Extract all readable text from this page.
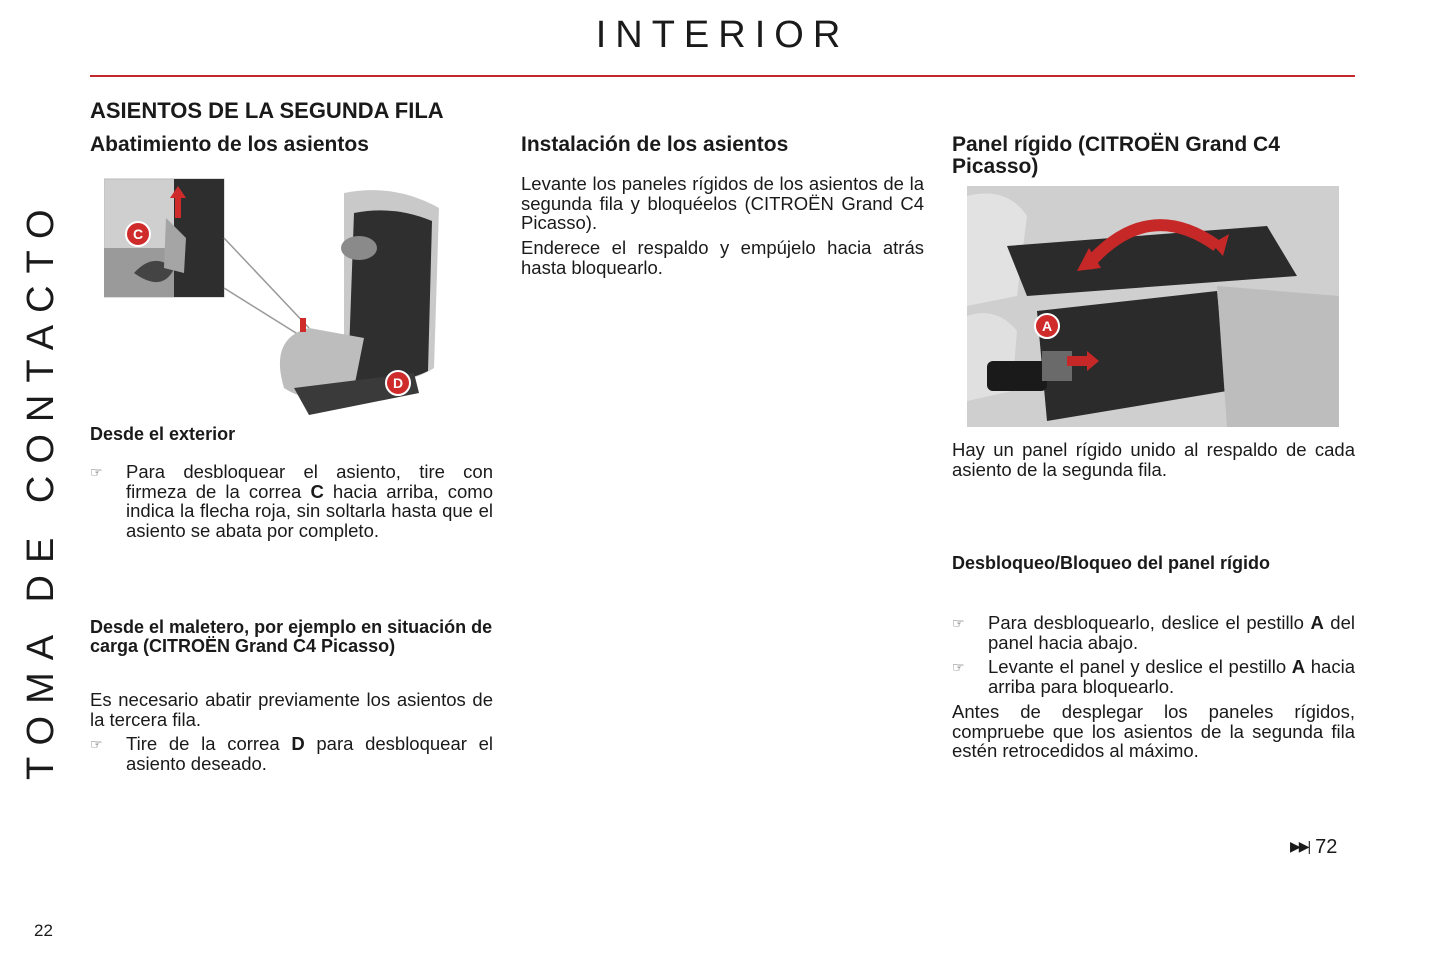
INTERIOR
TOMA DE CONTACTO
ASIENTOS DE LA SEGUNDA FILA
Abatimiento de los asientos
C
D
Desde el exterior
☞ Para desbloquear el asiento, tire con firmeza de la correa C hacia arriba, como indica la flecha roja, sin soltarla hasta que el asiento se abata por completo.
Desde el maletero, por ejemplo en situación de carga (CITROËN Grand C4 Picasso)

Es necesario abatir previamente los asientos de la tercera fila.

☞ Tire de la correa D para desbloquear el asiento deseado.
Instalación de los asientos

Levante los paneles rígidos de los asientos de la segunda fila y bloquéelos (CITROËN Grand C4 Picasso).

Enderece el respaldo y empújelo hacia atrás hasta bloquearlo.

Panel rígido (CITROËN Grand C4 Picasso)
A

Hay un panel rígido unido al respaldo de cada asiento de la segunda fila.

Desbloqueo/Bloqueo del panel rígido
☞ Para desbloquearlo, deslice el pestillo A del panel hacia abajo.
☞ Levante el panel y deslice el pestillo A hacia arriba para bloquearlo.

Antes de desplegar los paneles rígidos, compruebe que los asientos de la segunda fila estén retrocedidos al máximo.

▶▶| 72
22
